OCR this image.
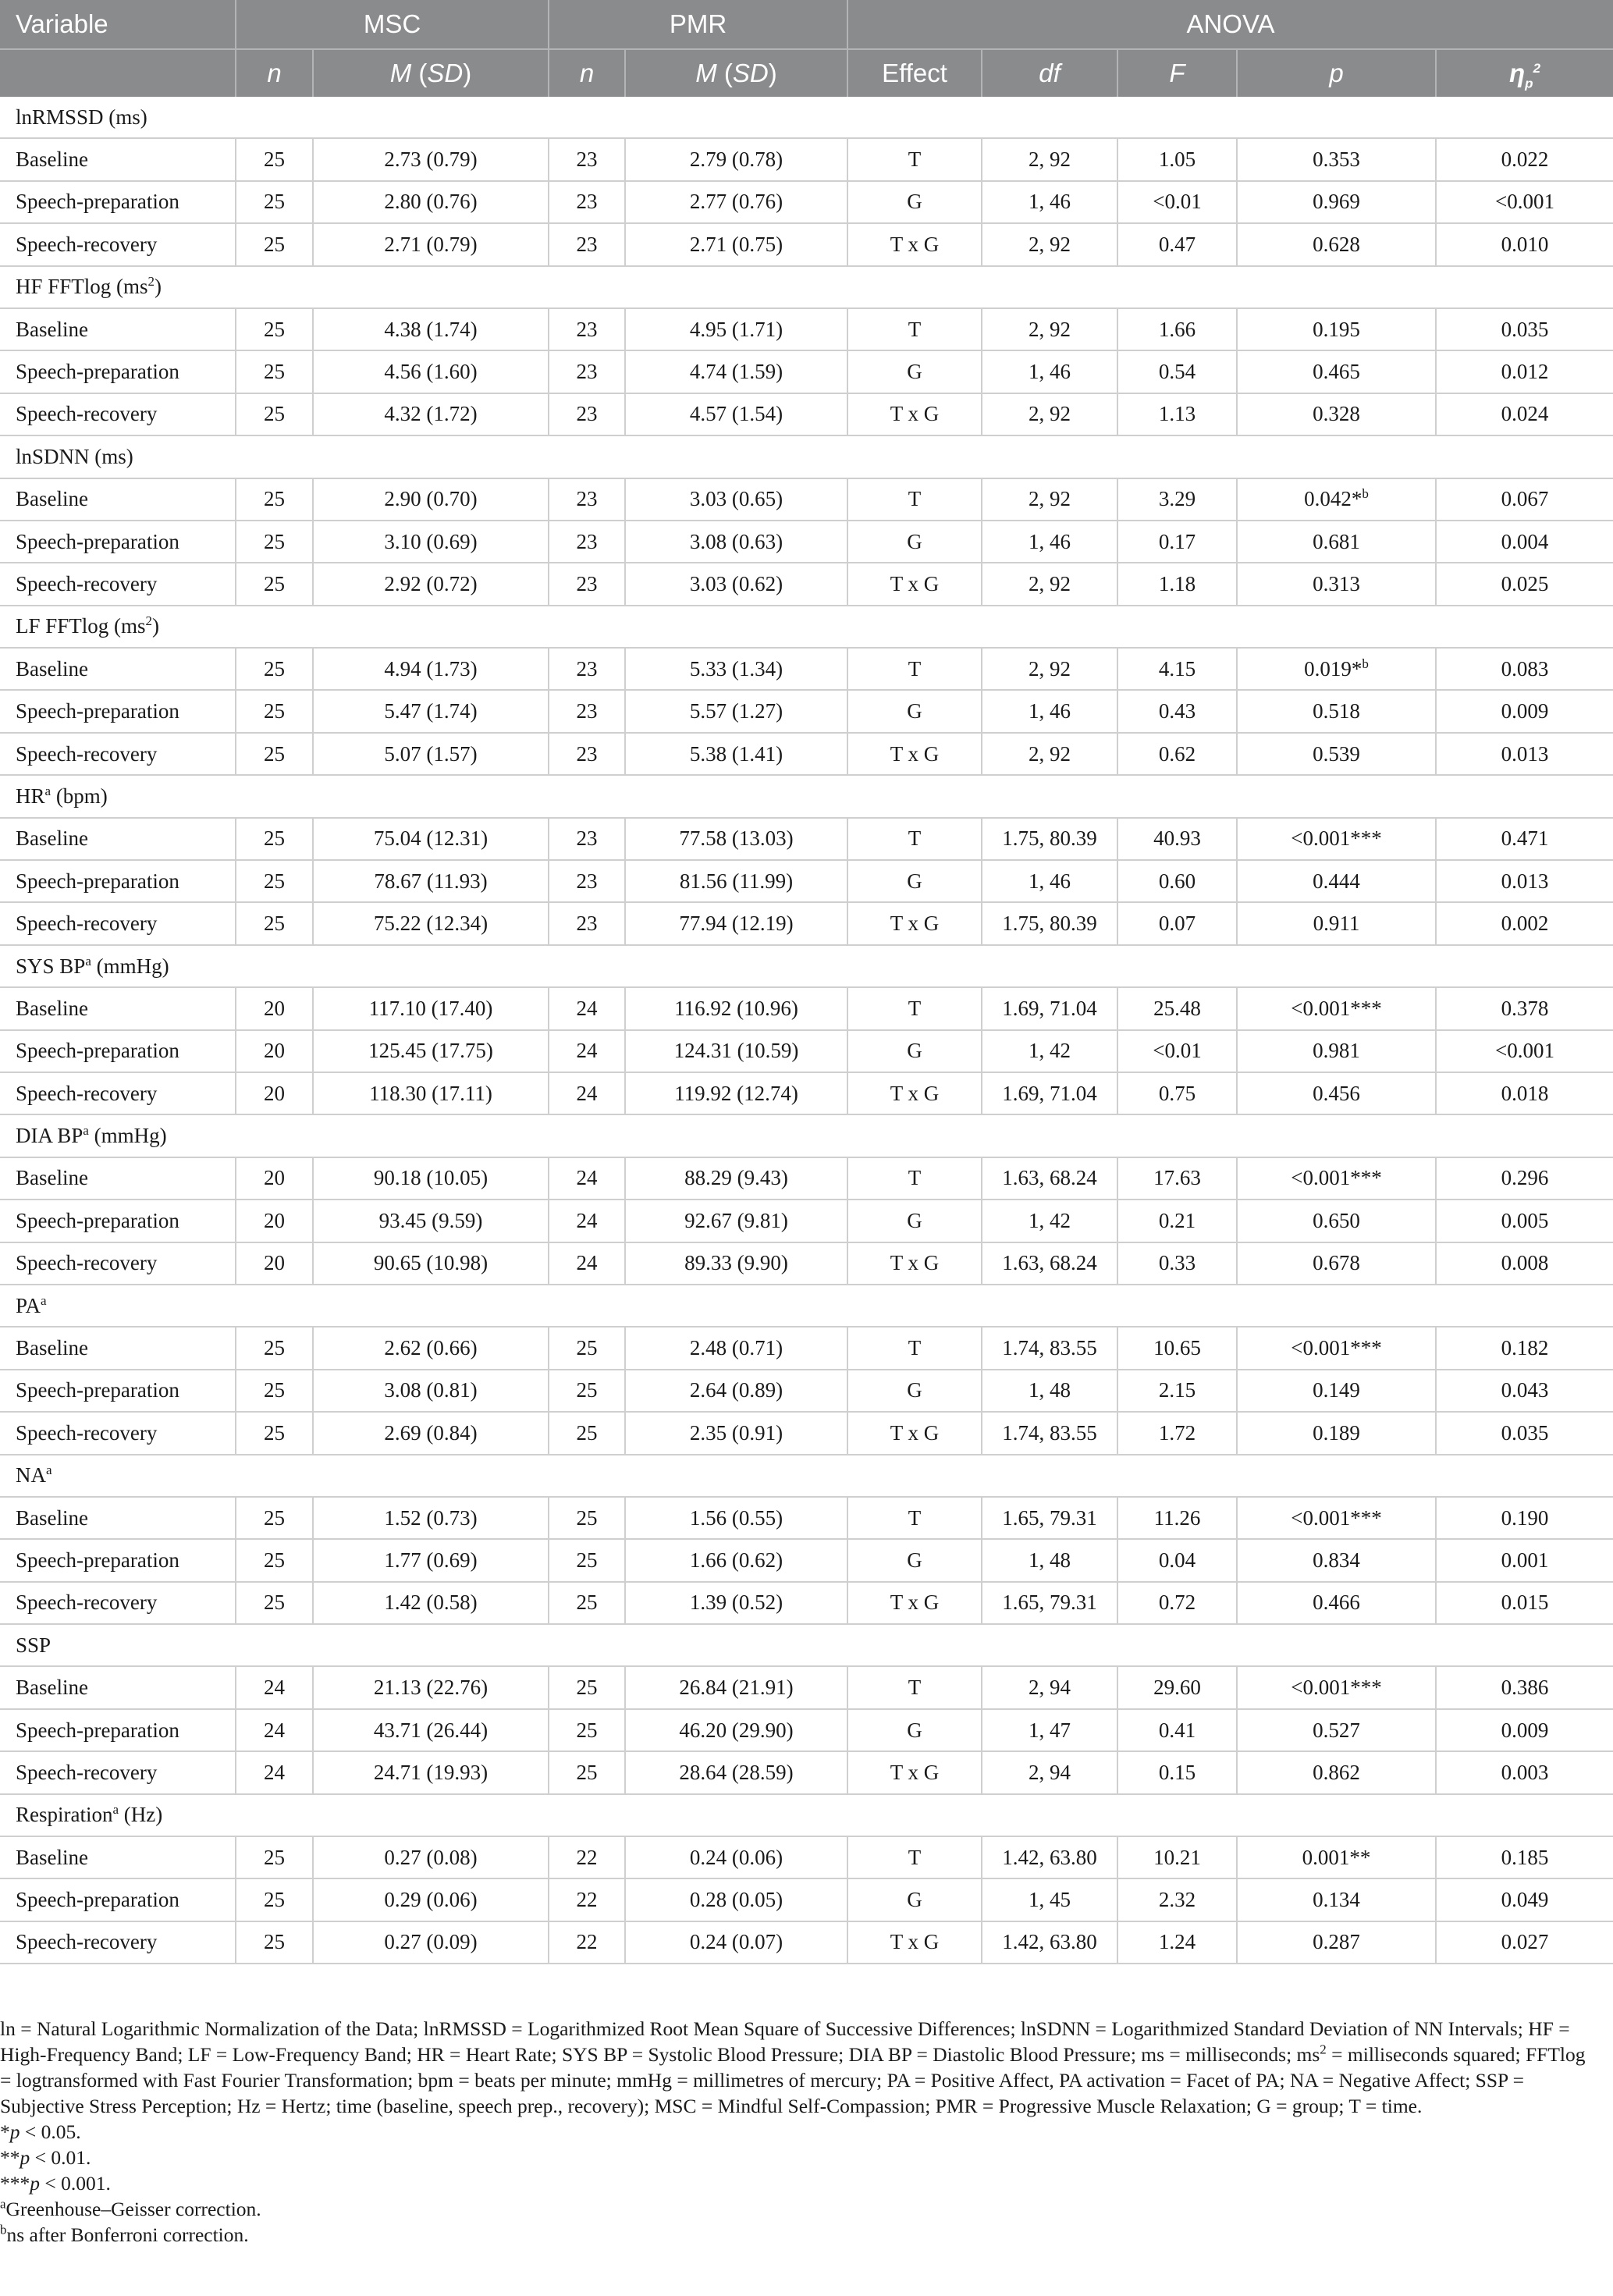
Variable	MSC		PMR		ANOVA				
	n	M (SD)	n	M (SD)	Effect	df	F	p	$\eta_p^2$
lnRMSSD (ms)									
Baseline	25	2.73 (0.79)	23	2.79 (0.78)	T	2, 92	1.05	0.353	0.022
Speech-preparation	25	2.80 (0.76)	23	2.77 (0.76)	G	1, 46	<0.01	0.969	<0.001
Speech-recovery	25	2.71 (0.79)	23	2.71 (0.75)	T x G	2, 92	0.47	0.628	0.010
HF FFTlog $(ms^2)$									
Baseline	25	4.38 (1.74)	23	4.95 (1.71)	T	2, 92	1.66	0.195	0.035
Speech-preparation	25	4.56 (1.60)	23	4.74 (1.59)	G	1, 46	0.54	0.465	0.012
Speech-recovery	25	4.32 (1.72)	23	4.57 (1.54)	T x G	2, 92	1.13	0.328	0.024
lnSDNN (ms)									
Baseline	25	2.90 (0.70)	23	3.03 (0.65)	T	2, 92	3.29	0.042*$^b$	0.067
Speech-preparation	25	3.10 (0.69)	23	3.08 (0.63)	G	1, 46	0.17	0.681	0.004
Speech-recovery	25	2.92 (0.72)	23	3.03 (0.62)	T x G	2, 92	1.18	0.313	0.025
LF FFTlog $(ms^2)$									
Baseline	25	4.94 (1.73)	23	5.33 (1.34)	T	2, 92	4.15	0.019*$^b$	0.083
Speech-preparation	25	5.47 (1.74)	23	5.57 (1.27)	G	1, 46	0.43	0.518	0.009
Speech-recovery	25	5.07 (1.57)	23	5.38 (1.41)	T x G	2, 92	0.62	0.539	0.013
$HR^a$ (bpm)									
Baseline	25	75.04 (12.31)	23	77.58 (13.03)	T	1.75, 80.39	40.93	<0.001***	0.471
Speech-preparation	25	78.67 (11.93)	23	81.56 (11.99)	G	1, 46	0.60	0.444	0.013
Speech-recovery	25	75.22 (12.34)	23	77.94 (12.19)	T x G	1.75, 80.39	0.07	0.911	0.002
SYS $BP^a$ (mmHg)									
Baseline	20	117.10 (17.40)	24	116.92 (10.96)	T	1.69, 71.04	25.48	<0.001***	0.378
Speech-preparation	20	125.45 (17.75)	24	124.31 (10.59)	G	1, 42	<0.01	0.981	<0.001
Speech-recovery	20	118.30 (17.11)	24	119.92 (12.74)	T x G	1.69, 71.04	0.75	0.456	0.018
DIA $BP^a$ (mmHg)									
Baseline	20	90.18 (10.05)	24	88.29 (9.43)	T	1.63, 68.24	17.63	<0.001***	0.296
Speech-preparation	20	93.45 (9.59)	24	92.67 (9.81)	G	1, 42	0.21	0.650	0.005
Speech-recovery	20	90.65 (10.98)	24	89.33 (9.90)	T x G	1.63, 68.24	0.33	0.678	0.008
$PA^a$
Baseline	25	2.62 (0.66)	25	2.48 (0.71)	T	1.74, 83.55	10.65	<0.001***	0.182
Speech-preparation	25	3.08 (0.81)	25	2.64 (0.89)	G	1, 48	2.15	0.149	0.043
Speech-recovery	25	2.69 (0.84)	25	2.35 (0.91)	T x G	1.74, 83.55	1.72	0.189	0.035
$NA^a$
Baseline	25	1.52 (0.73)	25	1.56 (0.55)	T	1.65, 79.31	11.26	<0.001***	0.190
Speech-preparation	25	1.77 (0.69)	25	1.66 (0.62)	G	1, 48	0.04	0.834	0.001
Speech-recovery	25	1.42 (0.58)	25	1.39 (0.52)	T x G	1.65, 79.31	0.72	0.466	0.015
SSP									
Baseline	24	21.13 (22.76)	25	26.84 (21.91)	T	2, 94	29.60	<0.001***	0.386
Speech-preparation	24	43.71 (26.44)	25	46.20 (29.90)	G	1, 47	0.41	0.527	0.009
Speech-recovery	24	24.71 (19.93)	25	28.64 (28.59)	T x G	2, 94	0.15	0.862	0.003
Respiration$^a$ (Hz)									
Baseline	25	0.27 (0.08)	22	0.24 (0.06)	T	1.42, 63.80	10.21	0.001**	0.185
Speech-preparation	25	0.29 (0.06)	22	0.28 (0.05)	G	1, 45	2.32	0.134	0.049
Speech-recovery	25	0.27 (0.09)	22	0.24 (0.07)	T x G	1.42, 63.80	1.24	0.287	0.027

ln = Natural Logarithmic Normalization of the Data; lnRMSSD = Logarithmized Root Mean Square of Successive Differences; lnSDNN = Logarithmized Standard Deviation of NN Intervals; HF = High-Frequency Band; LF = Low-Frequency Band; HR = Heart Rate; SYS BP = Systolic Blood Pressure; DIA BP = Diastolic Blood Pressure; ms = milliseconds; $ms^2$ = milliseconds squared; FFTlog = logtransformed with Fast Fourier Transformation; bpm = beats per minute; mmHg = millimetres of mercury; PA = Positive Affect, PA activation = Facet of PA; NA = Negative Affect; SSP = Subjective Stress Perception; Hz = Hertz; time (baseline, speech prep., recovery); MSC = Mindful Self-Compassion; PMR = Progressive Muscle Relaxation; G = group; T = time.

*p < 0.05.

**p < 0.01.

***p < 0.001.

$^a$Greenhouse–Geisser correction.

$^b$ns after Bonferroni correction.
